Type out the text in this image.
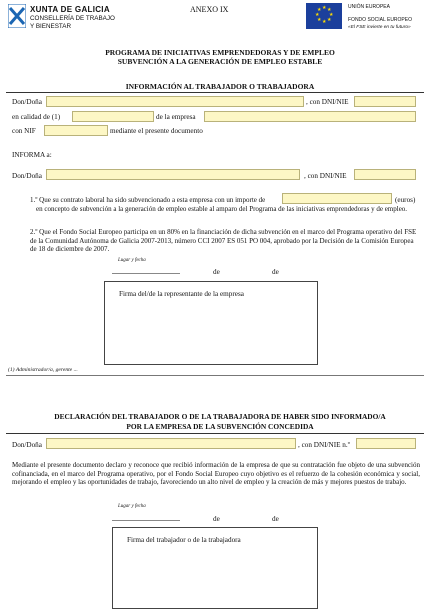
XUNTA DE GALICIA
CONSELLERÍA DE TRABAJO
Y BIENESTAR
ANEXO IX	★ ★
★
★
★
★
★
★	UNIÓN EUROPEA
FONDO SOCIAL EUROPEO
«El FSE invierte en tu futuro»
PROGRAMA DE INICIATIVAS EMPRENDEDORAS Y DE EMPLEO
SUBVENCIÓN A LA GENERACIÓN DE EMPLEO ESTABLE
INFORMACIÓN AL TRABAJADOR O TRABAJADORA
Don/Doña	, con DNI/NIE
en calidad de (1)	de la empresa
con NIF	mediante el presente documento
INFORMA a:
Don/Doña	, con DNI/NIE
1.º Que su contrato laboral ha sido subvencionado a esta empresa con un importe de	(euros)
en concepto de subvención a la generación de empleo estable al amparo del Programa de las iniciativas emprendedoras y de empleo.
2.º Que el Fondo Social Europeo participa en un 80% en la financiación de dicha subvención en el marco del Programa operativo del FSE de la Comunidad Autónoma de Galicia 2007-2013, número CCI 2007 ES 051 PO 004, aprobado por la Decisión de la Comisión Europea de 18 de diciembre de 2007.
Lugar y fecha
de	de
Firma del/de la representante de la empresa
(1) Administrador/a, gerente ...
DECLARACIÓN DEL TRABAJADOR O DE LA TRABAJADORA DE HABER SIDO INFORMADO/A
POR LA EMPRESA DE LA SUBVENCIÓN CONCEDIDA
Don/Doña	, con DNI/NIE n.º
Mediante el presente documento declaro y reconoce que recibió información de la empresa de que su contratación fue objeto de una subvención cofinanciada, en el marco del Programa operativo, por el Fondo Social Europeo cuyo objetivo es el refuerzo de la cohesión económica y social, mejorando el empleo y las oportunidades de trabajo, favoreciendo un alto nivel de empleo y la creación de más y mejores puestos de trabajo.
Lugar y fecha
de	de
Firma del trabajador o de la trabajadora
